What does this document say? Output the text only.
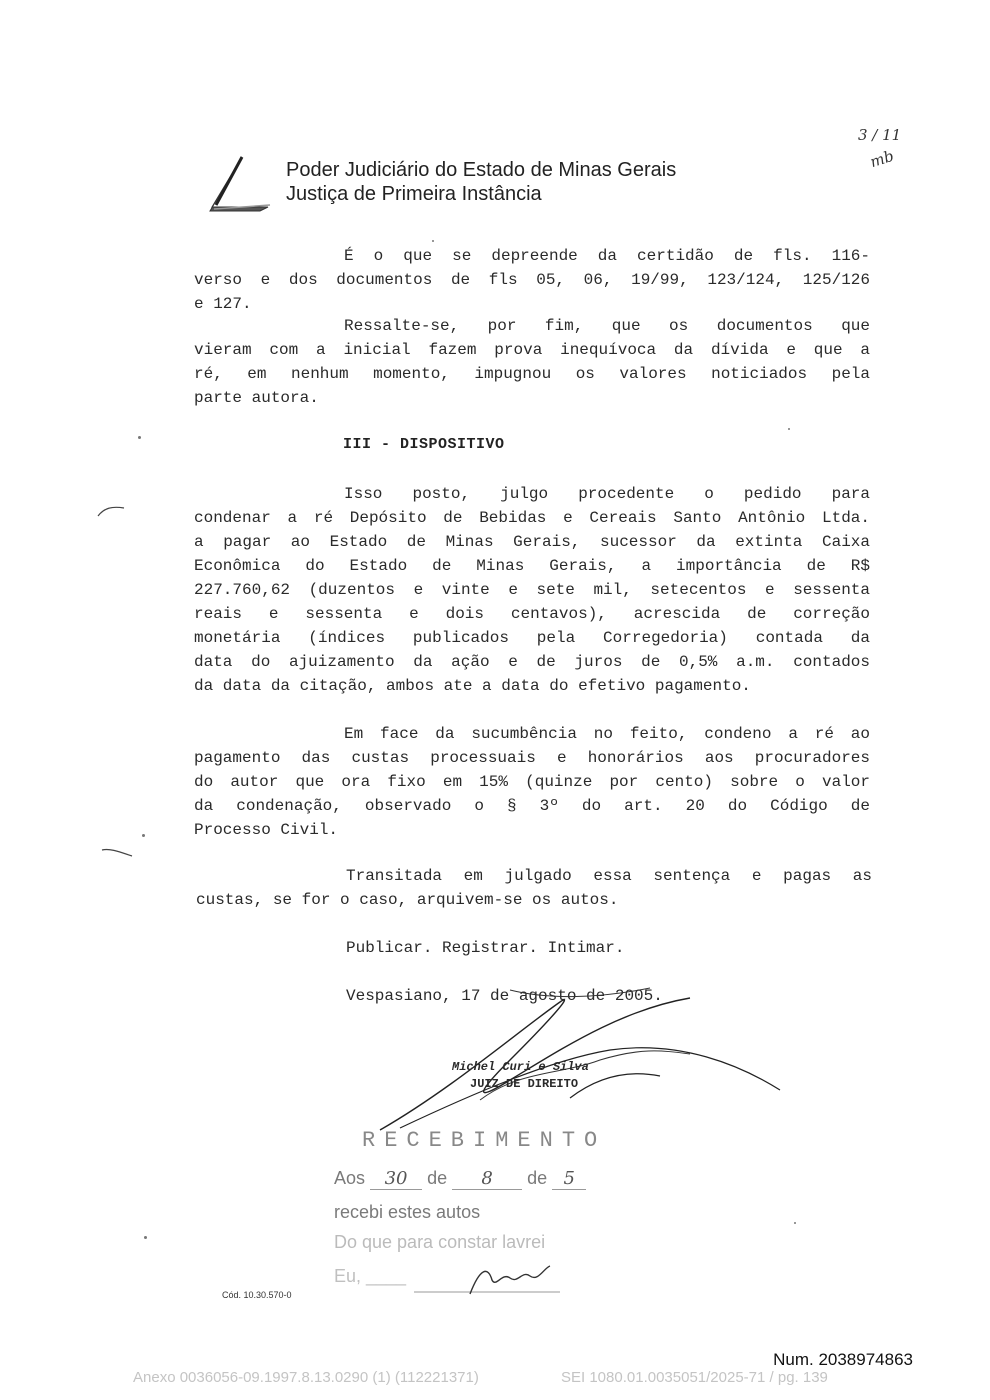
Poder Judiciário do Estado de Minas Gerais
Justiça de Primeira Instância
3 / 11
mb
É o que se depreende da certidão de fls. 116-
verso e dos documentos de fls 05, 06, 19/99, 123/124, 125/126
e 127.
Ressalte-se, por fim, que os documentos que
vieram com a inicial fazem prova inequívoca da dívida e que a
ré, em nenhum momento, impugnou os valores noticiados pela
parte autora.
III - DISPOSITIVO
Isso posto, julgo procedente o pedido para
condenar a ré Depósito de Bebidas e Cereais Santo Antônio Ltda.
a pagar ao Estado de Minas Gerais, sucessor da extinta Caixa
Econômica do Estado de Minas Gerais, a importância de R$
227.760,62 (duzentos e vinte e sete mil, setecentos e sessenta
reais e sessenta e dois centavos), acrescida de correção
monetária (índices publicados pela Corregedoria) contada da
data do ajuizamento da ação e de juros de 0,5% a.m. contados
da data da citação, ambos ate a data do efetivo pagamento.
Em face da sucumbência no feito, condeno a ré ao
pagamento das custas processuais e honorários aos procuradores
do autor que ora fixo em 15% (quinze por cento) sobre o valor
da condenação, observado o § 3º do art. 20 do Código de
Processo Civil.
Transitada em julgado essa sentença e pagas as
custas, se for o caso, arquivem-se os autos.
Publicar. Registrar. Intimar.
Vespasiano, 17 de agosto de 2005.
Michel Curi e Silva
JUIZ DE DIREITO
RECEBIMENTO
Aos 30 de 8 de 5
recebi estes autos
Do que para constar lavrei
Eu, ____
Cód. 10.30.570-0
Num. 2038974863
Anexo 0036056-09.1997.8.13.0290 (1) (112221371)	SEI 1080.01.0035051/2025-71 / pg. 139
